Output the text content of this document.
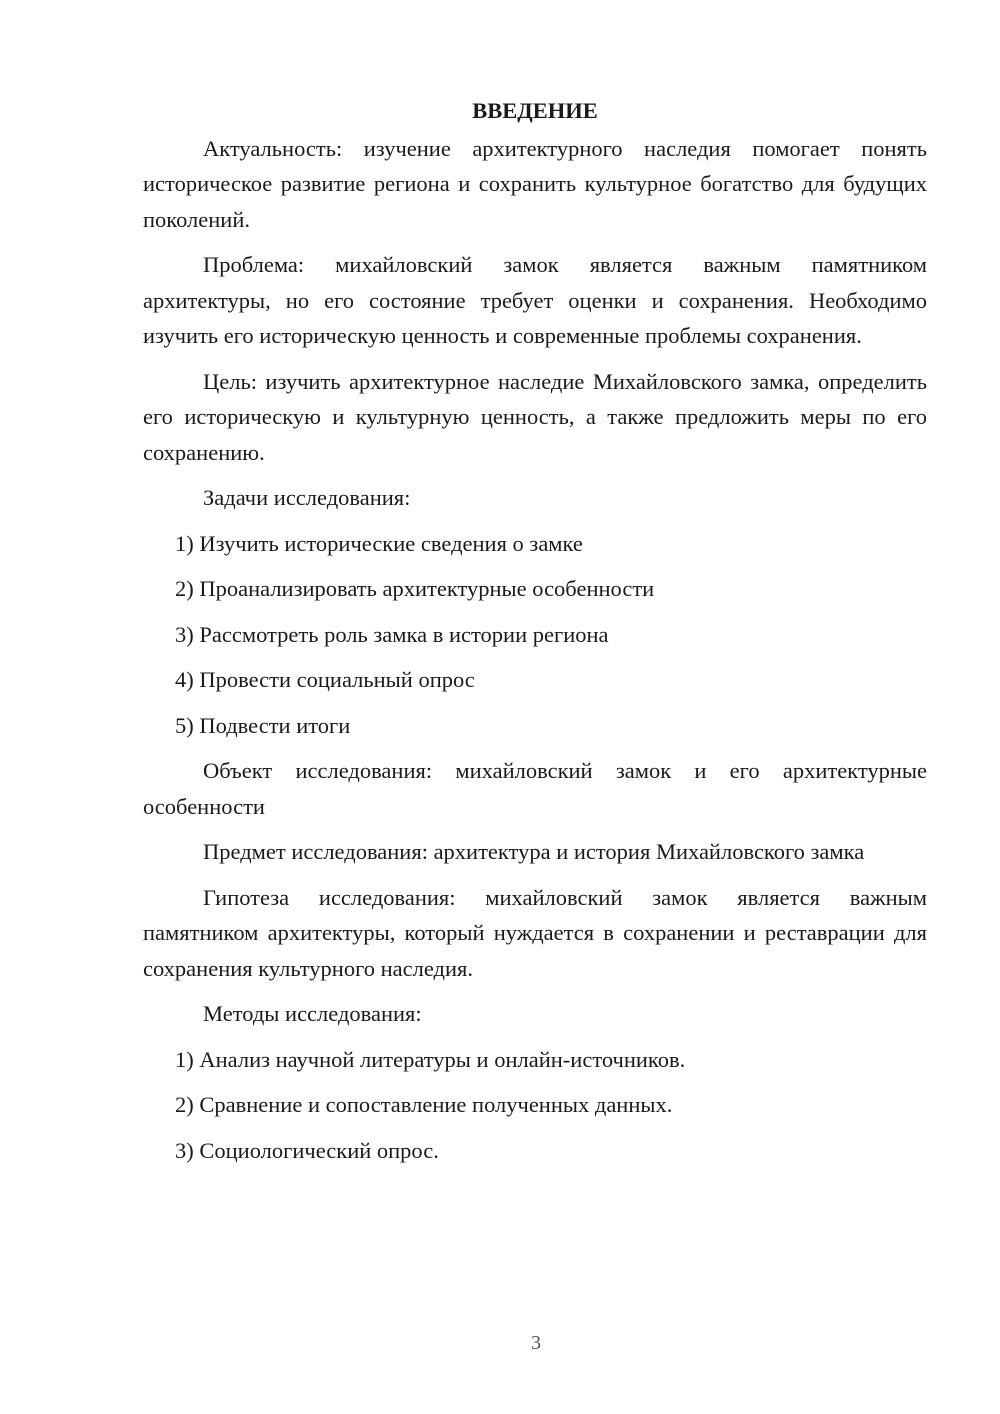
ВВЕДЕНИЕ

Актуальность: изучение архитектурного наследия помогает понять историческое развитие региона и сохранить культурное богатство для будущих поколений.

Проблема: михайловский замок является важным памятником архитектуры, но его состояние требует оценки и сохранения. Необходимо изучить его историческую ценность и современные проблемы сохранения.

Цель: изучить архитектурное наследие Михайловского замка, определить его историческую и культурную ценность, а также предложить меры по его сохранению.

Задачи исследования:

1) Изучить исторические сведения о замке

2) Проанализировать архитектурные особенности

3) Рассмотреть роль замка в истории региона

4) Провести социальный опрос

5) Подвести итоги

Объект исследования: михайловский замок и его архитектурные особенности

Предмет исследования: архитектура и история Михайловского замка

Гипотеза исследования: михайловский замок является важным памятником архитектуры, который нуждается в сохранении и реставрации для сохранения культурного наследия.

Методы исследования:

1) Анализ научной литературы и онлайн-источников.

2) Сравнение и сопоставление полученных данных.

3) Социологический опрос.

3
